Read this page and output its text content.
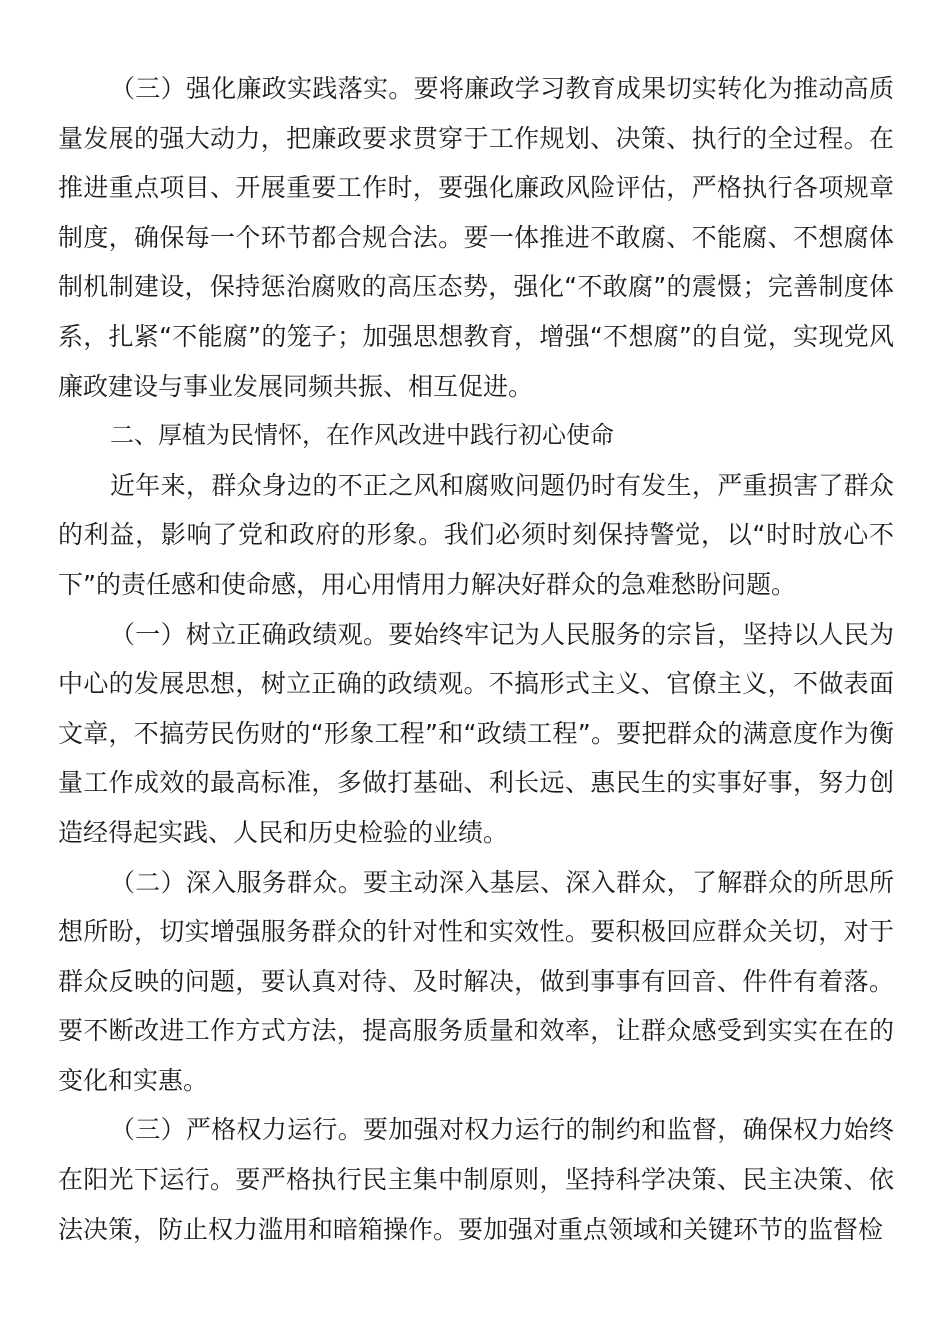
（三）强化廉政实践落实。要将廉政学习教育成果切实转化为推动高质量发展的强大动力，把廉政要求贯穿于工作规划、决策、执行的全过程。在推进重点项目、开展重要工作时，要强化廉政风险评估，严格执行各项规章制度，确保每一个环节都合规合法。要一体推进不敢腐、不能腐、不想腐体制机制建设，保持惩治腐败的高压态势，强化“不敢腐”的震慑；完善制度体系，扎紧“不能腐”的笼子；加强思想教育，增强“不想腐”的自觉，实现党风廉政建设与事业发展同频共振、相互促进。

二、厚植为民情怀，在作风改进中践行初心使命

近年来，群众身边的不正之风和腐败问题仍时有发生，严重损害了群众的利益，影响了党和政府的形象。我们必须时刻保持警觉，以“时时放心不下”的责任感和使命感，用心用情用力解决好群众的急难愁盼问题。

（一）树立正确政绩观。要始终牢记为人民服务的宗旨，坚持以人民为中心的发展思想，树立正确的政绩观。不搞形式主义、官僚主义，不做表面文章，不搞劳民伤财的“形象工程”和“政绩工程”。要把群众的满意度作为衡量工作成效的最高标准，多做打基础、利长远、惠民生的实事好事，努力创造经得起实践、人民和历史检验的业绩。

（二）深入服务群众。要主动深入基层、深入群众，了解群众的所思所想所盼，切实增强服务群众的针对性和实效性。要积极回应群众关切，对于群众反映的问题，要认真对待、及时解决，做到事事有回音、件件有着落。要不断改进工作方式方法，提高服务质量和效率，让群众感受到实实在在的变化和实惠。

（三）严格权力运行。要加强对权力运行的制约和监督，确保权力始终在阳光下运行。要严格执行民主集中制原则，坚持科学决策、民主决策、依法决策，防止权力滥用和暗箱操作。要加强对重点领域和关键环节的监督检
